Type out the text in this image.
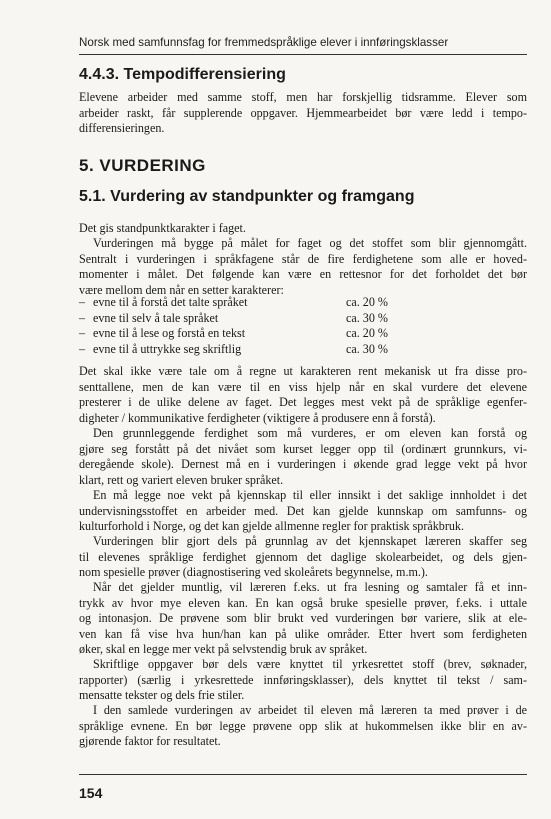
Norsk med samfunnsfag for fremmedspråklige elever i innføringsklasser
4.4.3. Tempodifferensiering
Elevene arbeider med samme stoff, men har forskjellig tidsramme. Elever som
arbeider raskt, får supplerende oppgaver. Hjemmearbeidet bør være ledd i tempo-
differensieringen.
5. VURDERING
5.1. Vurdering av standpunkter og framgang
Det gis standpunktkarakter i faget.
Vurderingen må bygge på målet for faget og det stoffet som blir gjennomgått.
Sentralt i vurderingen i språkfagene står de fire ferdighetene som alle er hoved-
momenter i målet. Det følgende kan være en rettesnor for det forholdet det bør
være mellom dem når en setter karakterer:
– evne til å forstå det talte språket	ca. 20 %
– evne til selv å tale språket	ca. 30 %
– evne til å lese og forstå en tekst	ca. 20 %
– evne til å uttrykke seg skriftlig	ca. 30 %
Det skal ikke være tale om å regne ut karakteren rent mekanisk ut fra disse pro-
senttallene, men de kan være til en viss hjelp når en skal vurdere det elevene
presterer i de ulike delene av faget. Det legges mest vekt på de språklige egenfer-
digheter / kommunikative ferdigheter (viktigere å produsere enn å forstå).
Den grunnleggende ferdighet som må vurderes, er om eleven kan forstå og
gjøre seg forstått på det nivået som kurset legger opp til (ordinært grunnkurs, vi-
deregående skole). Dernest må en i vurderingen i økende grad legge vekt på hvor
klart, rett og variert eleven bruker språket.
En må legge noe vekt på kjennskap til eller innsikt i det saklige innholdet i det
undervisningsstoffet en arbeider med. Det kan gjelde kunnskap om samfunns- og
kulturforhold i Norge, og det kan gjelde allmenne regler for praktisk språkbruk.
Vurderingen blir gjort dels på grunnlag av det kjennskapet læreren skaffer seg
til elevenes språklige ferdighet gjennom det daglige skolearbeidet, og dels gjen-
nom spesielle prøver (diagnostisering ved skoleårets begynnelse, m.m.).
Når det gjelder muntlig, vil læreren f.eks. ut fra lesning og samtaler få et inn-
trykk av hvor mye eleven kan. En kan også bruke spesielle prøver, f.eks. i uttale
og intonasjon. De prøvene som blir brukt ved vurderingen bør variere, slik at ele-
ven kan få vise hva hun/han kan på ulike områder. Etter hvert som ferdigheten
øker, skal en legge mer vekt på selvstendig bruk av språket.
Skriftlige oppgaver bør dels være knyttet til yrkesrettet stoff (brev, søknader,
rapporter) (særlig i yrkesrettede innføringsklasser), dels knyttet til tekst / sam-
mensatte tekster og dels frie stiler.
I den samlede vurderingen av arbeidet til eleven må læreren ta med prøver i de
språklige evnene. En bør legge prøvene opp slik at hukommelsen ikke blir en av-
gjørende faktor for resultatet.
154
